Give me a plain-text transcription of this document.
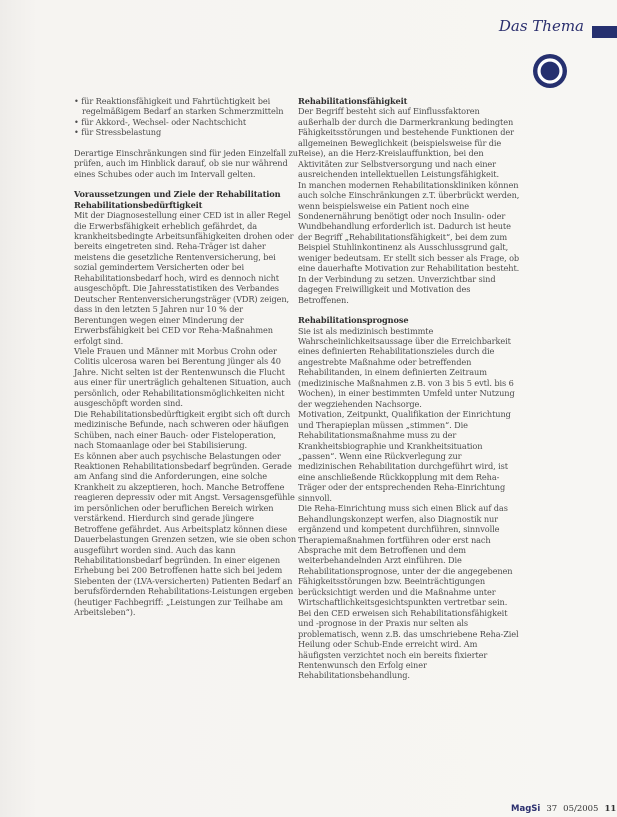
Das Thema

• für Reaktionsfähigkeit und Fahrtüchtigkeit bei regelmäßigem Bedarf an starken Schmerzmitteln

• für Akkord-, Wechsel- oder Nachtschicht

• für Stressbelastung

Derartige Einschränkungen sind für jeden Einzelfall zu prüfen, auch im Hinblick darauf, ob sie nur während eines Schubes oder auch im Intervall gelten.

Voraussetzungen und Ziele der Rehabilitation Rehabilitationsbedürftigkeit

Mit der Diagnosestellung einer CED ist in aller Regel die Erwerbsfähigkeit erheblich gefährdet, da krankheitsbedingte Arbeitsunfähigkeiten drohen oder bereits eingetreten sind. Reha-Träger ist daher meistens die gesetzliche Rentenversicherung, bei sozial gemindertem Versicherten oder bei Rehabilitationsbedarf hoch, wird es dennoch nicht ausgeschöpft. Die Jahresstatistiken des Verbandes Deutscher Rentenversicherungsträger (VDR) zeigen, dass in den letzten 5 Jahren nur 10 % der Berentungen wegen einer Minderung der Erwerbsfähigkeit bei CED vor Reha-Maßnahmen erfolgt sind.

Viele Frauen und Männer mit Morbus Crohn oder Colitis ulcerosa waren bei Berentung jünger als 40 Jahre. Nicht selten ist der Rentenwunsch die Flucht aus einer für unerträglich gehaltenen Situation, auch persönlich, oder Rehabilitationsmöglichkeiten nicht ausgeschöpft worden sind.

Die Rehabilitationsbedürftigkeit ergibt sich oft durch medizinische Befunde, nach schweren oder häufigen Schüben, nach einer Bauch- oder Fisteloperation, nach Stomaanlage oder bei Stabilisierung.

Es können aber auch psychische Belastungen oder Reaktionen Rehabilitationsbedarf begründen. Gerade am Anfang sind die Anforderungen, eine solche Krankheit zu akzeptieren, hoch. Manche Betroffene reagieren depressiv oder mit Angst. Versagensgefühle im persönlichen oder beruflichen Bereich wirken verstärkend. Hierdurch sind gerade jüngere Betroffene gefährdet. Aus Arbeitsplatz können diese Dauerbelastungen Grenzen setzen, wie sie oben schon ausgeführt worden sind. Auch das kann Rehabilitationsbedarf begründen. In einer eigenen Erhebung bei 200 Betroffenen hatte sich bei jedem Siebenten der (LVA-versicherten) Patienten Bedarf an berufsfördernden Rehabilitations-Leistungen ergeben (heutiger Fachbegriff: „Leistungen zur Teilhabe am Arbeitsleben“).

Rehabilitationsfähigkeit

Der Begriff besteht sich auf Einflussfaktoren außerhalb der durch die Darmerkrankung bedingten Fähigkeitsstörungen und bestehende Funktionen der allgemeinen Beweglichkeit (beispielsweise für die Reise), an die Herz-Kreislauffunktion, bei den Aktivitäten zur Selbstversorgung und nach einer ausreichenden intellektuellen Leistungsfähigkeit.

In manchen modernen Rehabilitationskliniken können auch solche Einschränkungen z.T. überbrückt werden, wenn beispielsweise ein Patient noch eine Sondenernährung benötigt oder noch Insulin- oder Wundbehandlung erforderlich ist. Dadurch ist heute der Begriff „Rehabilitationsfähigkeit“, bei dem zum Beispiel Stuhlinkontinenz als Ausschlussgrund galt, weniger bedeutsam. Er stellt sich besser als Frage, ob eine dauerhafte Motivation zur Rehabilitation besteht. In der Verbindung zu setzen. Unverzichtbar sind dagegen Freiwilligkeit und Motivation des Betroffenen.

Rehabilitationsprognose

Sie ist als medizinisch bestimmte Wahrscheinlichkeitsaussage über die Erreichbarkeit eines definierten Rehabilitationszieles durch die angestrebte Maßnahme oder betreffenden Rehabilitanden, in einem definierten Zeitraum (medizinische Maßnahmen z.B. von 3 bis 5 evtl. bis 6 Wochen), in einer bestimmten Umfeld unter Nutzung der wegziehenden Nachsorge.

Motivation, Zeitpunkt, Qualifikation der Einrichtung und Therapieplan müssen „stimmen“. Die Rehabilitationsmaßnahme muss zu der Krankheitsbiographie und Krankheitsituation „passen“. Wenn eine Rückverlegung zur medizinischen Rehabilitation durchgeführt wird, ist eine anschließende Rückkopplung mit dem Reha-Träger oder der entsprechenden Reha-Einrichtung sinnvoll.

Die Reha-Einrichtung muss sich einen Blick auf das Behandlungskonzept werfen, also Diagnostik nur ergänzend und kompetent durchführen, sinnvolle Therapiemaßnahmen fortführen oder erst nach Absprache mit dem Betroffenen und dem weiterbehandelnden Arzt einführen. Die Rehabilitationsprognose, unter der die angegebenen Fähigkeitsstörungen bzw. Beeinträchtigungen berücksichtigt werden und die Maßnahme unter Wirtschaftlichkeitsgesichtspunkten vertretbar sein.

Bei den CED erweisen sich Rehabilitationsfähigkeit und -prognose in der Praxis nur selten als problematisch, wenn z.B. das umschriebene Reha-Ziel Heilung oder Schub-Ende erreicht wird. Am häufigsten verzichtet noch ein bereits fixierter Rentenwunsch den Erfolg einer Rehabilitationsbehandlung.

MagSi 37 05/2005 11
